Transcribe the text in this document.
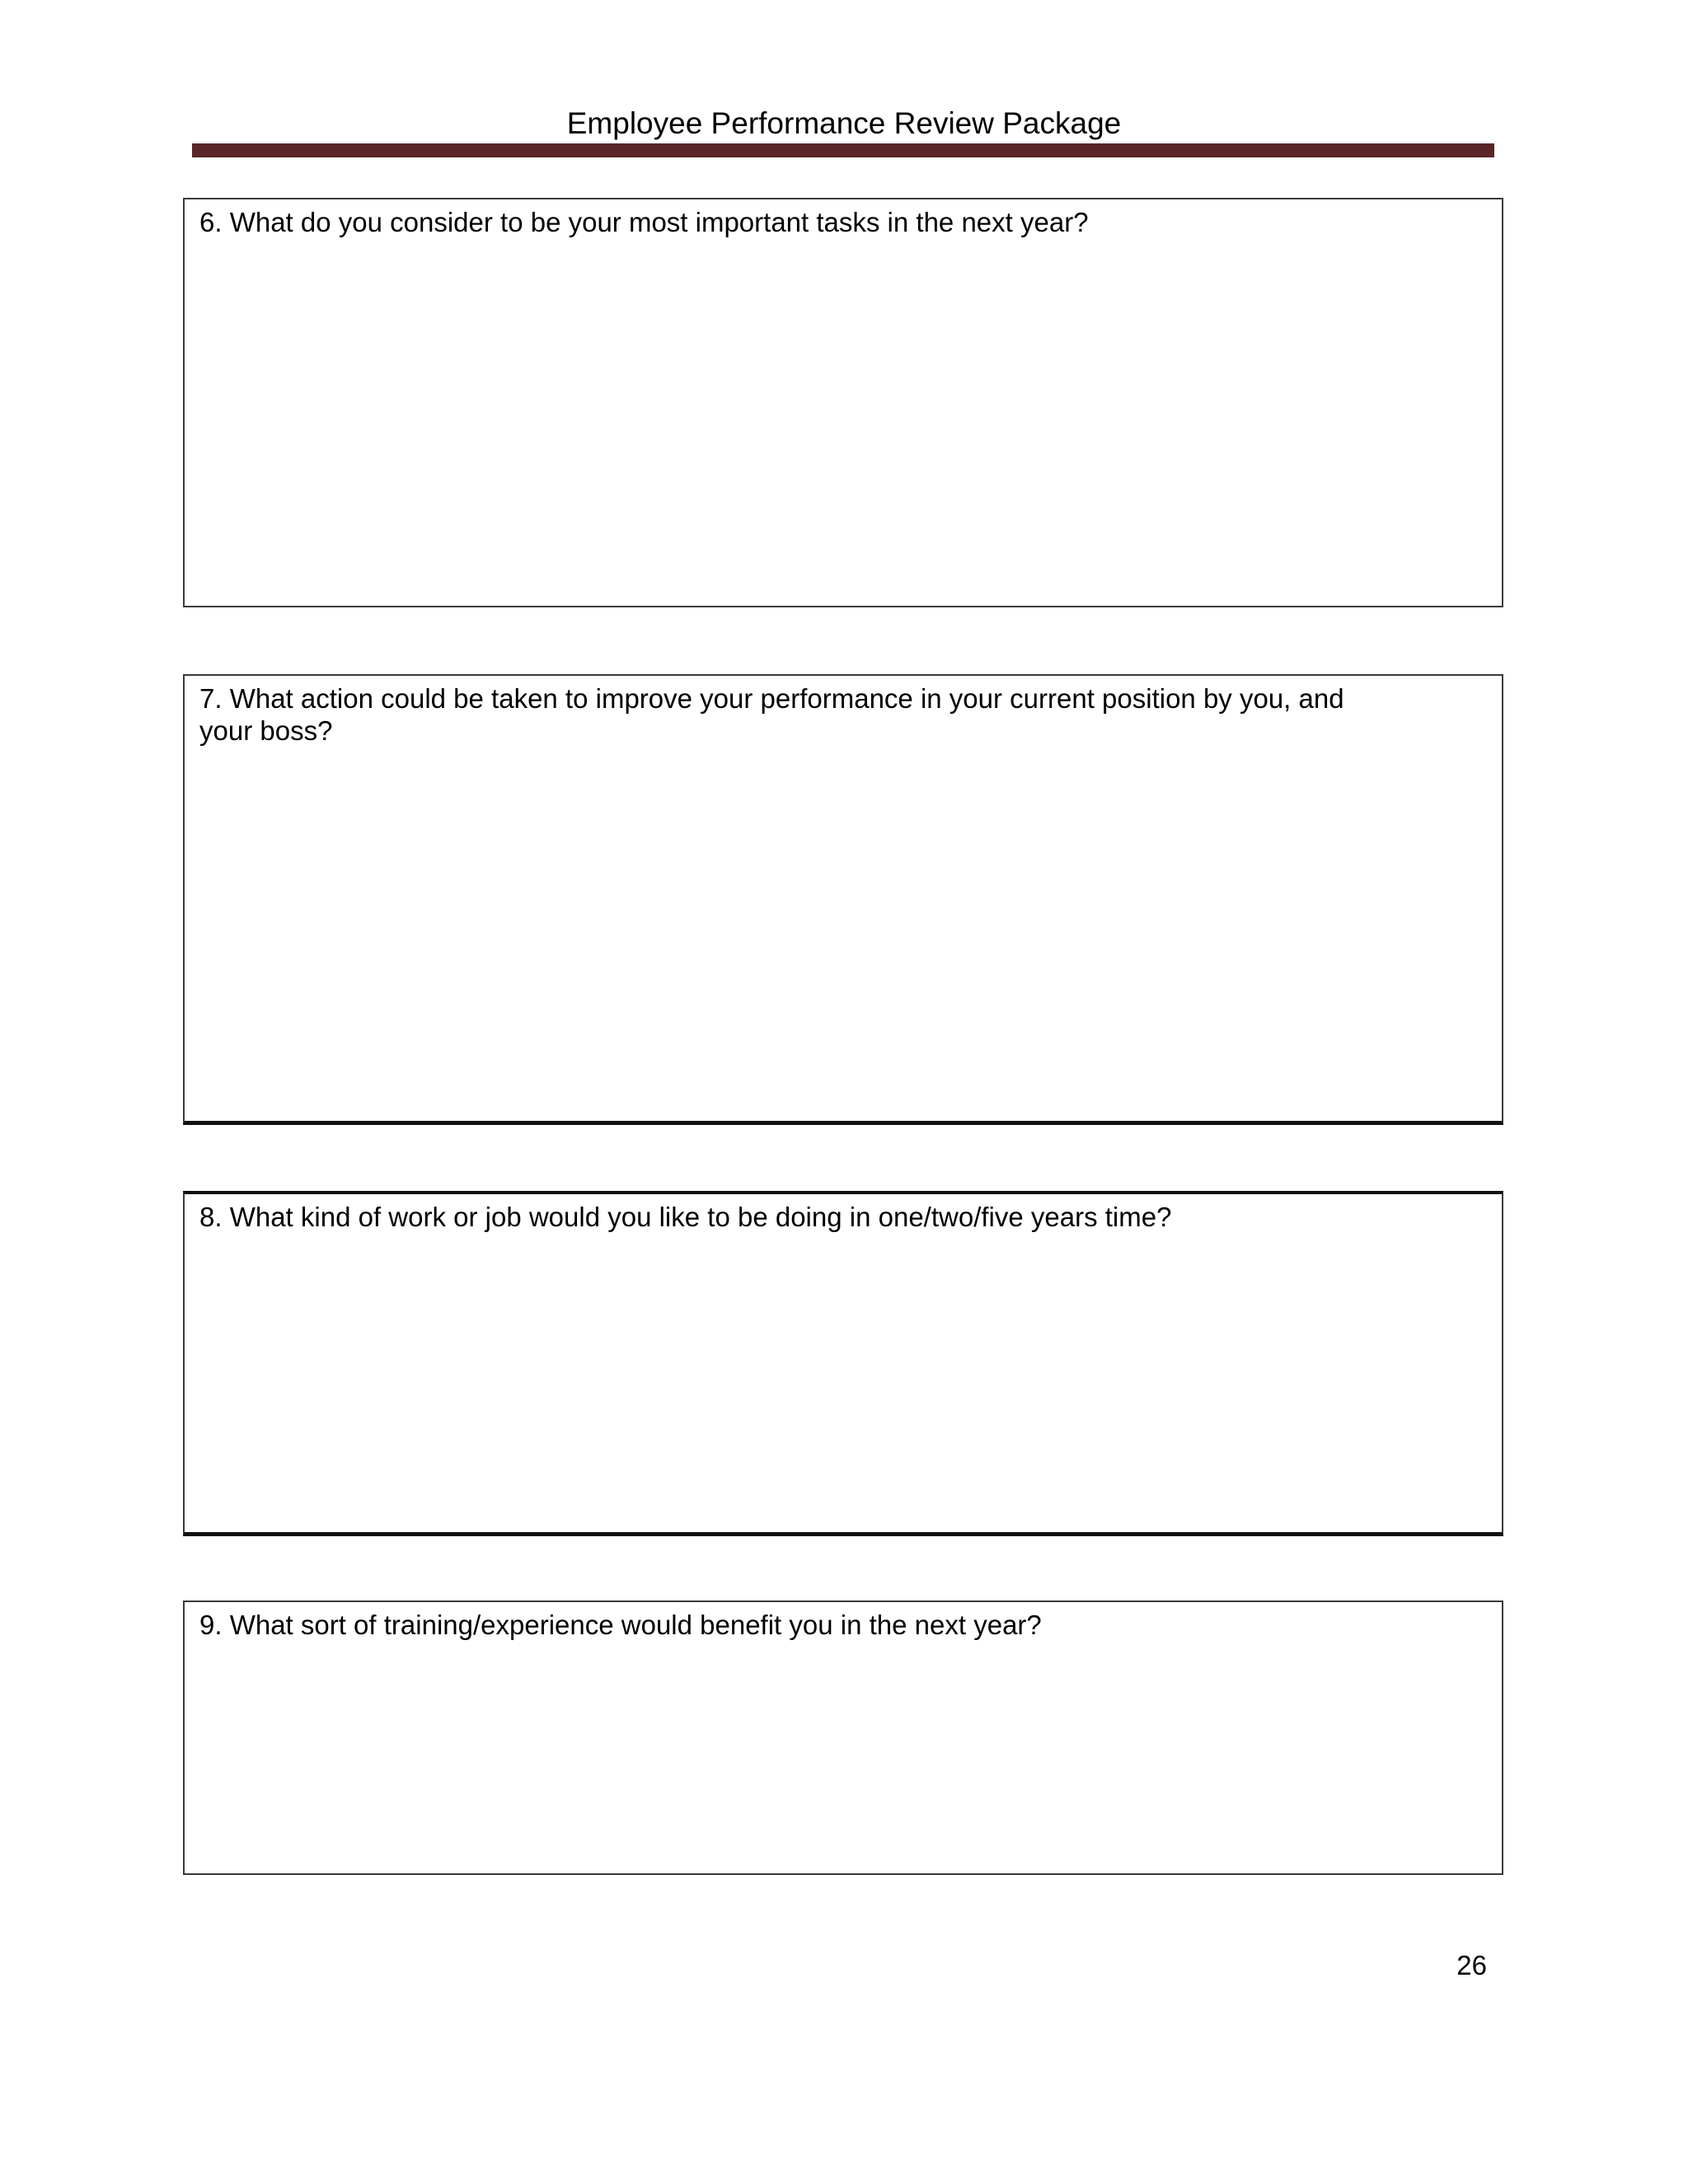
Employee Performance Review Package
6. What do you consider to be your most important tasks in the next year?
7. What action could be taken to improve your performance in your current position by you, and
your boss?
8. What kind of work or job would you like to be doing in one/two/five years time?
9. What sort of training/experience would benefit you in the next year?
26
